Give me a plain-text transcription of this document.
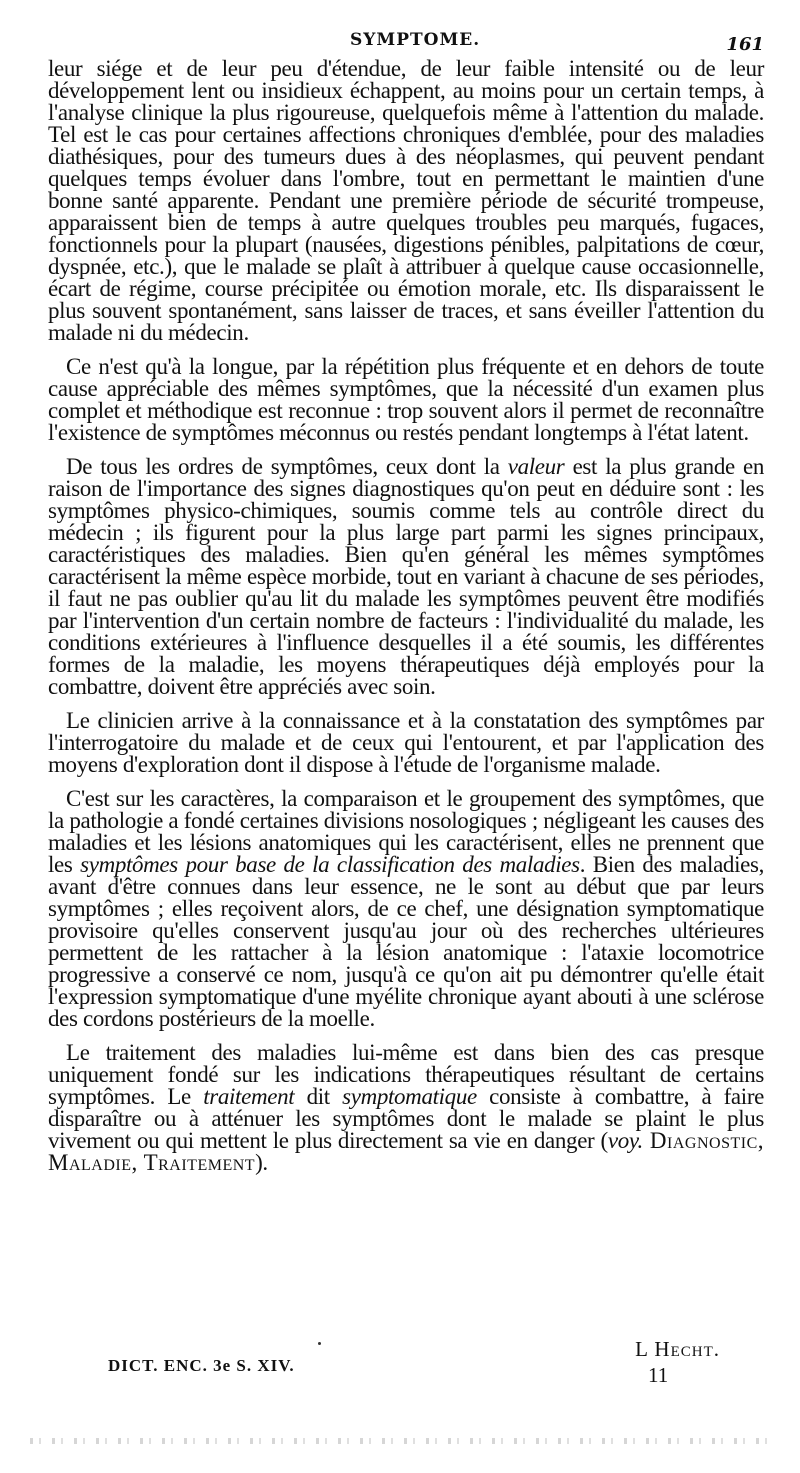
SYMPTOME.	161

leur siége et de leur peu d'étendue, de leur faible intensité ou de leur développement lent ou insidieux échappent, au moins pour un certain temps, à l'analyse clinique la plus rigoureuse, quelquefois même à l'attention du malade. Tel est le cas pour certaines affections chroniques d'emblée, pour des maladies diathésiques, pour des tumeurs dues à des néoplasmes, qui peuvent pendant quelques temps évoluer dans l'ombre, tout en permettant le maintien d'une bonne santé apparente. Pendant une première période de sécurité trompeuse, apparaissent bien de temps à autre quelques troubles peu marqués, fugaces, fonctionnels pour la plupart (nausées, digestions pénibles, palpitations de cœur, dyspnée, etc.), que le malade se plaît à attribuer à quelque cause occasionnelle, écart de régime, course précipitée ou émotion morale, etc. Ils disparaissent le plus souvent spontanément, sans laisser de traces, et sans éveiller l'attention du malade ni du médecin.

Ce n'est qu'à la longue, par la répétition plus fréquente et en dehors de toute cause appréciable des mêmes symptômes, que la nécessité d'un examen plus complet et méthodique est reconnue : trop souvent alors il permet de reconnaître l'existence de symptômes méconnus ou restés pendant longtemps à l'état latent.

De tous les ordres de symptômes, ceux dont la valeur est la plus grande en raison de l'importance des signes diagnostiques qu'on peut en déduire sont : les symptômes physico-chimiques, soumis comme tels au contrôle direct du médecin ; ils figurent pour la plus large part parmi les signes principaux, caractéristiques des maladies. Bien qu'en général les mêmes symptômes caractérisent la même espèce morbide, tout en variant à chacune de ses périodes, il faut ne pas oublier qu'au lit du malade les symptômes peuvent être modifiés par l'intervention d'un certain nombre de facteurs : l'individualité du malade, les conditions extérieures à l'influence desquelles il a été soumis, les différentes formes de la maladie, les moyens thérapeutiques déjà employés pour la combattre, doivent être appréciés avec soin.

Le clinicien arrive à la connaissance et à la constatation des symptômes par l'interrogatoire du malade et de ceux qui l'entourent, et par l'application des moyens d'exploration dont il dispose à l'étude de l'organisme malade.

C'est sur les caractères, la comparaison et le groupement des symptômes, que la pathologie a fondé certaines divisions nosologiques ; négligeant les causes des maladies et les lésions anatomiques qui les caractérisent, elles ne prennent que les symptômes pour base de la classification des maladies. Bien des maladies, avant d'être connues dans leur essence, ne le sont au début que par leurs symptômes ; elles reçoivent alors, de ce chef, une désignation symptomatique provisoire qu'elles conservent jusqu'au jour où des recherches ultérieures permettent de les rattacher à la lésion anatomique : l'ataxie locomotrice progressive a conservé ce nom, jusqu'à ce qu'on ait pu démontrer qu'elle était l'expression symptomatique d'une myélite chronique ayant abouti à une sclérose des cordons postérieurs de la moelle.

Le traitement des maladies lui-même est dans bien des cas presque uniquement fondé sur les indications thérapeutiques résultant de certains symptômes. Le traitement dit symptomatique consiste à combattre, à faire disparaître ou à atténuer les symptômes dont le malade se plaint le plus vivement ou qui mettent le plus directement sa vie en danger (voy. Diagnostic, Maladie, Traitement).

L Hecht.
DICT. ENC. 3e S. XIV.	11
